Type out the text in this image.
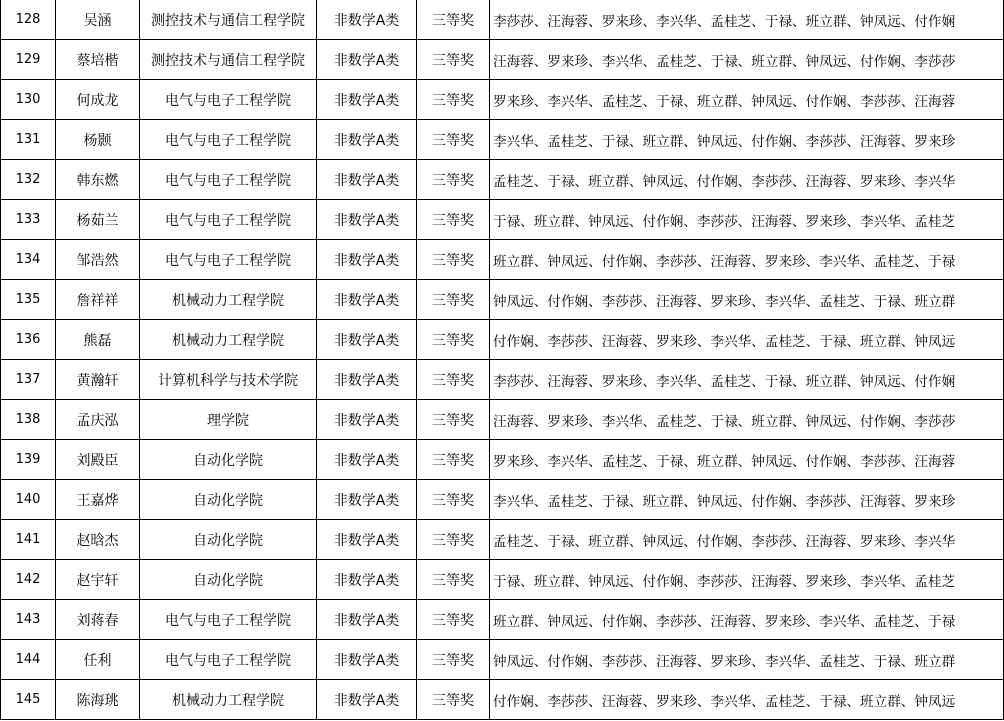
128	吴涵	测控技术与通信工程学院	非数学A类	三等奖	李莎莎、汪海蓉、罗来珍、李兴华、孟桂芝、于禄、班立群、钟凤远、付作娴
129	蔡培楷	测控技术与通信工程学院	非数学A类	三等奖	汪海蓉、罗来珍、李兴华、孟桂芝、于禄、班立群、钟凤远、付作娴、李莎莎
130	何成龙	电气与电子工程学院	非数学A类	三等奖	罗来珍、李兴华、孟桂芝、于禄、班立群、钟凤远、付作娴、李莎莎、汪海蓉
131	杨颢	电气与电子工程学院	非数学A类	三等奖	李兴华、孟桂芝、于禄、班立群、钟凤远、付作娴、李莎莎、汪海蓉、罗来珍
132	韩东燃	电气与电子工程学院	非数学A类	三等奖	孟桂芝、于禄、班立群、钟凤远、付作娴、李莎莎、汪海蓉、罗来珍、李兴华
133	杨茹兰	电气与电子工程学院	非数学A类	三等奖	于禄、班立群、钟凤远、付作娴、李莎莎、汪海蓉、罗来珍、李兴华、孟桂芝
134	邹浩然	电气与电子工程学院	非数学A类	三等奖	班立群、钟凤远、付作娴、李莎莎、汪海蓉、罗来珍、李兴华、孟桂芝、于禄
135	詹祥祥	机械动力工程学院	非数学A类	三等奖	钟凤远、付作娴、李莎莎、汪海蓉、罗来珍、李兴华、孟桂芝、于禄、班立群
136	熊磊	机械动力工程学院	非数学A类	三等奖	付作娴、李莎莎、汪海蓉、罗来珍、李兴华、孟桂芝、于禄、班立群、钟凤远
137	黄瀚轩	计算机科学与技术学院	非数学A类	三等奖	李莎莎、汪海蓉、罗来珍、李兴华、孟桂芝、于禄、班立群、钟凤远、付作娴
138	孟庆泓	理学院	非数学A类	三等奖	汪海蓉、罗来珍、李兴华、孟桂芝、于禄、班立群、钟凤远、付作娴、李莎莎
139	刘殿臣	自动化学院	非数学A类	三等奖	罗来珍、李兴华、孟桂芝、于禄、班立群、钟凤远、付作娴、李莎莎、汪海蓉
140	王嘉烨	自动化学院	非数学A类	三等奖	李兴华、孟桂芝、于禄、班立群、钟凤远、付作娴、李莎莎、汪海蓉、罗来珍
141	赵晗杰	自动化学院	非数学A类	三等奖	孟桂芝、于禄、班立群、钟凤远、付作娴、李莎莎、汪海蓉、罗来珍、李兴华
142	赵宇轩	自动化学院	非数学A类	三等奖	于禄、班立群、钟凤远、付作娴、李莎莎、汪海蓉、罗来珍、李兴华、孟桂芝
143	刘蒋春	电气与电子工程学院	非数学A类	三等奖	班立群、钟凤远、付作娴、李莎莎、汪海蓉、罗来珍、李兴华、孟桂芝、于禄
144	任利	电气与电子工程学院	非数学A类	三等奖	钟凤远、付作娴、李莎莎、汪海蓉、罗来珍、李兴华、孟桂芝、于禄、班立群
145	陈海珧	机械动力工程学院	非数学A类	三等奖	付作娴、李莎莎、汪海蓉、罗来珍、李兴华、孟桂芝、于禄、班立群、钟凤远
